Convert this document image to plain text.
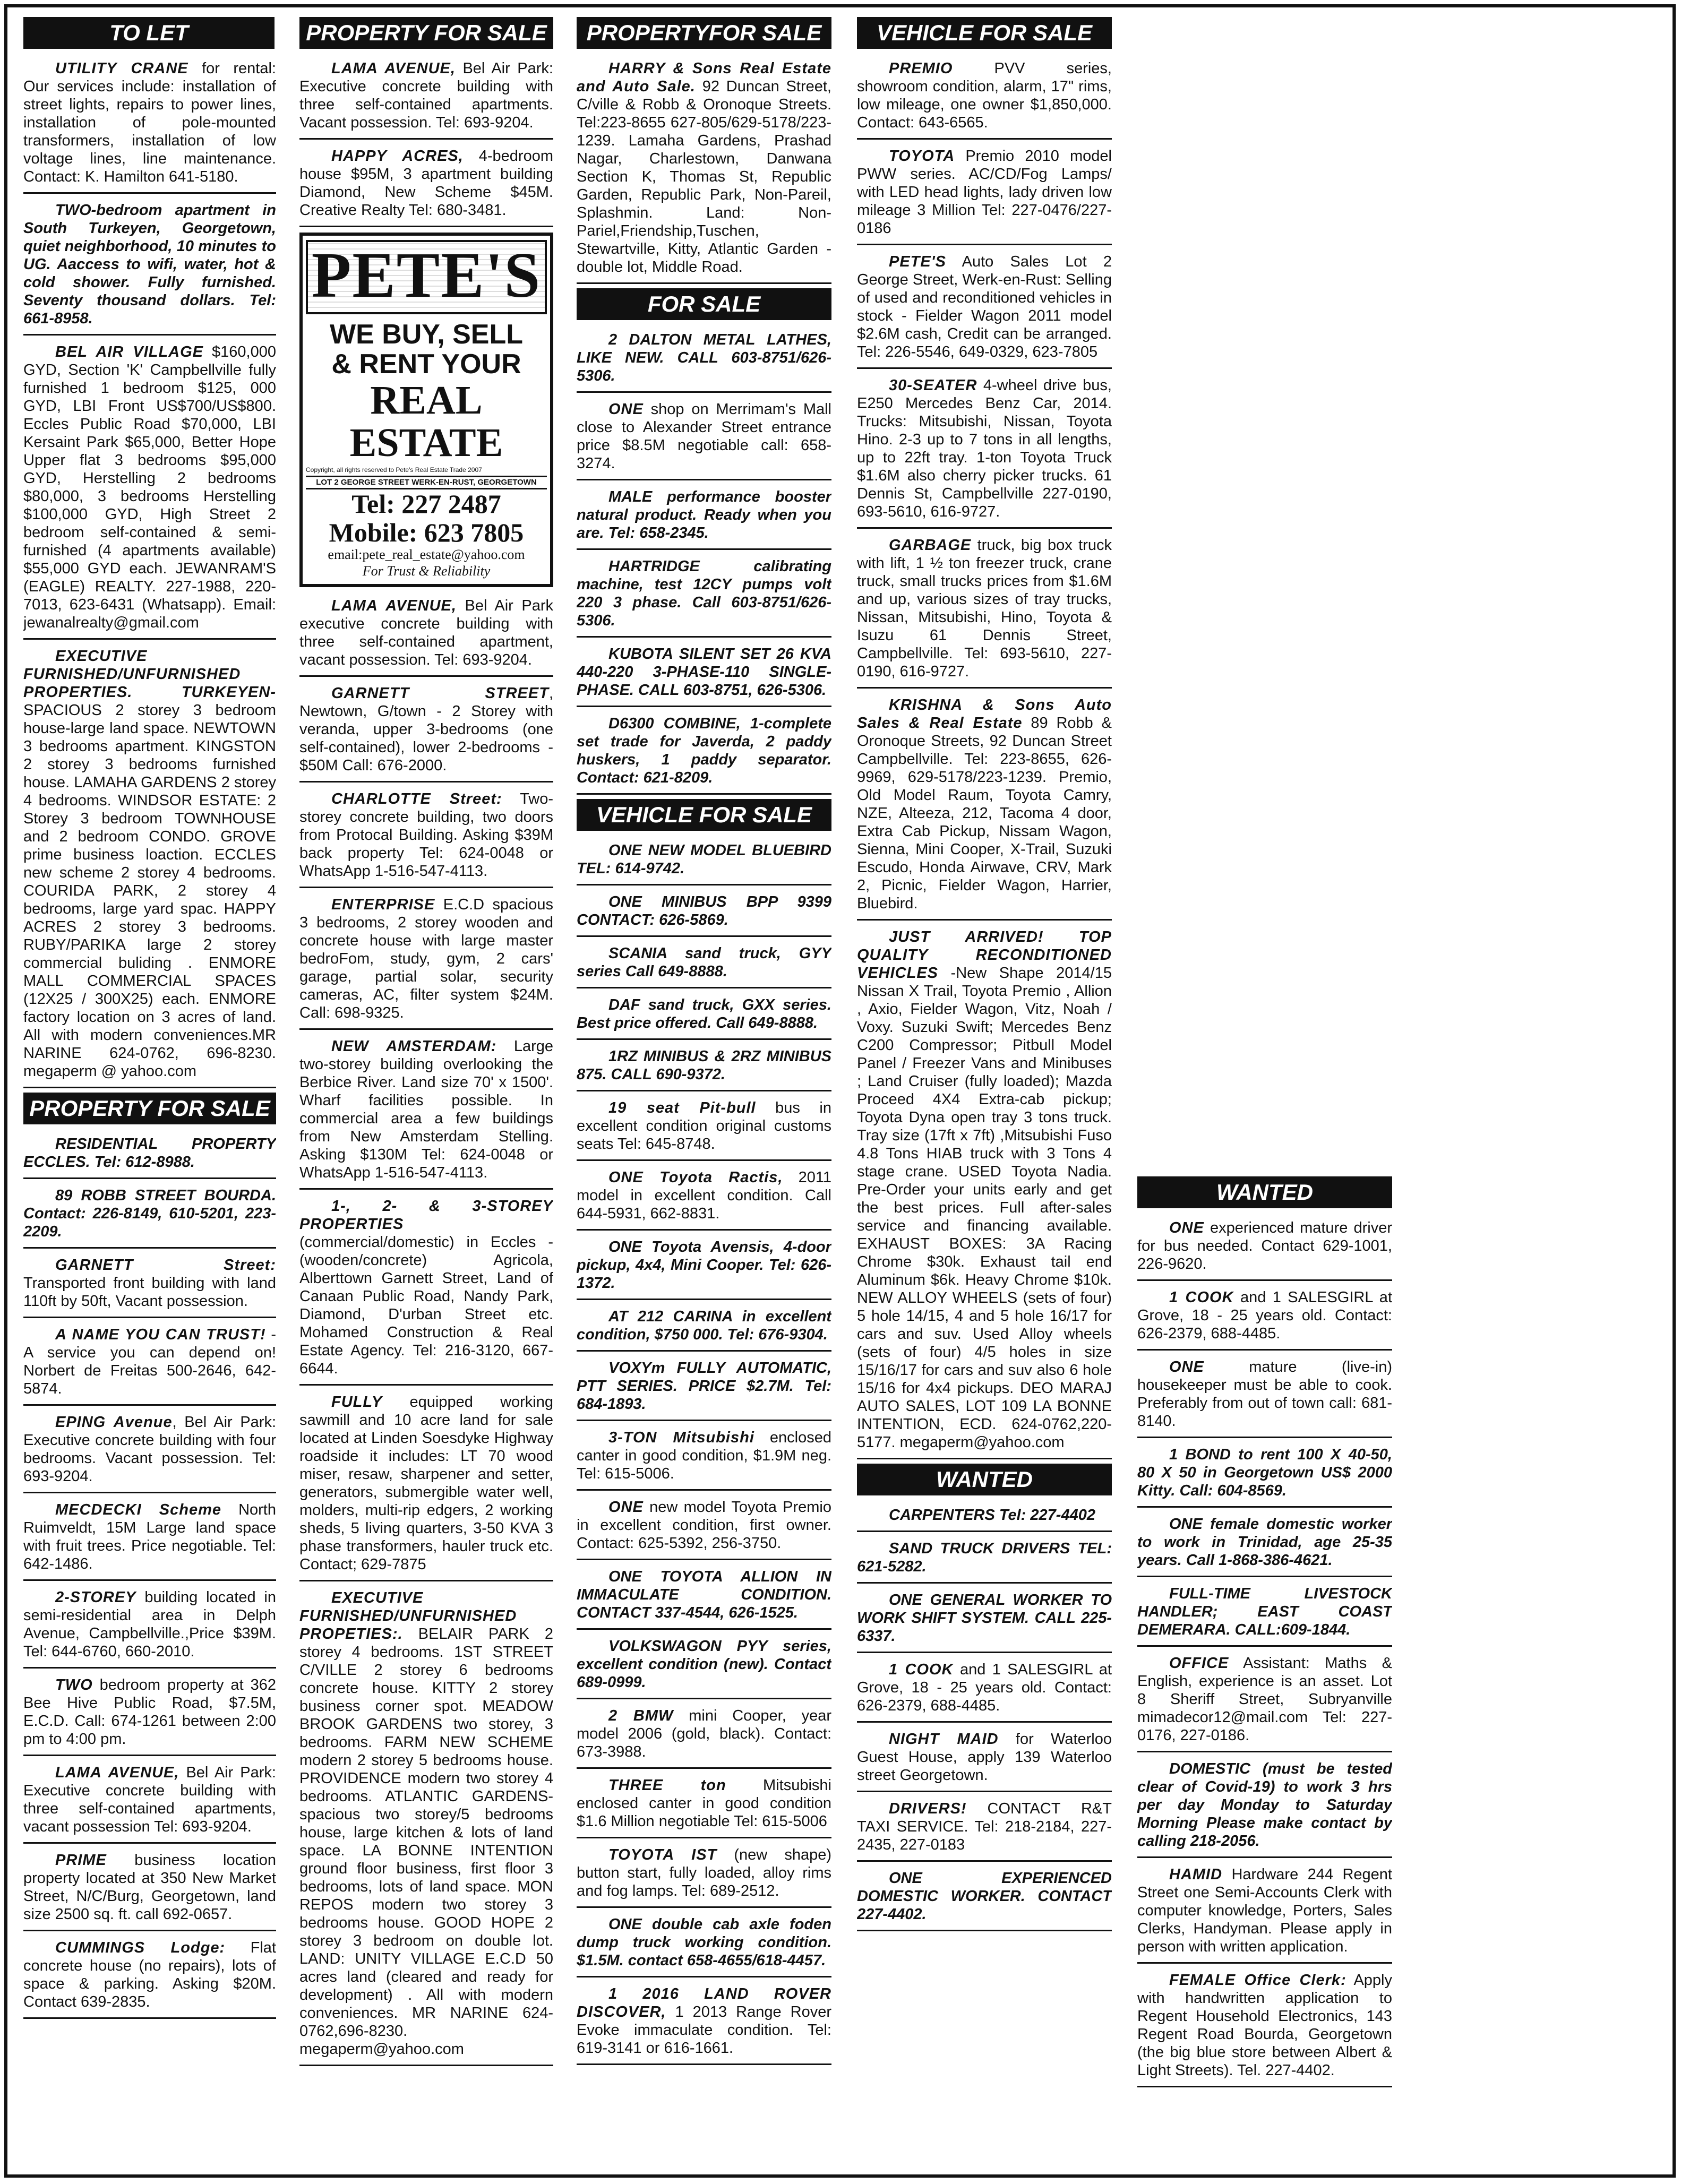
TO LET
UTILITY CRANE for rental: Our services include: installation of street lights, repairs to power lines, installation of pole-mounted transformers, installation of low voltage lines, line maintenance. Contact: K. Hamilton 641-5180.
TWO-bedroom apartment in South Turkeyen, Georgetown, quiet neighborhood, 10 minutes to UG. Aaccess to wifi, water, hot & cold shower. Fully furnished. Seventy thousand dollars. Tel: 661-8958.
BEL AIR VILLAGE $160,000 GYD, Section 'K' Campbellville fully furnished 1 bedroom $125, 000 GYD, LBI Front US$700/US$800. Eccles Public Road $70,000, LBI Kersaint Park $65,000, Better Hope Upper flat 3 bedrooms $95,000 GYD, Herstelling 2 bedrooms $80,000, 3 bedrooms Herstelling $100,000 GYD, High Street 2 bedroom self-contained & semi-furnished (4 apartments available) $55,000 GYD each. JEWANRAM'S (EAGLE) REALTY. 227-1988, 220-7013, 623-6431 (Whatsapp). Email: jewanalrealty@gmail.com
EXECUTIVE FURNISHED/UNFURNISHED PROPERTIES. TURKEYEN-SPACIOUS 2 storey 3 bedroom house-large land space. NEWTOWN 3 bedrooms apartment. KINGSTON 2 storey 3 bedrooms furnished house. LAMAHA GARDENS 2 storey 4 bedrooms. WINDSOR ESTATE: 2 Storey 3 bedroom TOWNHOUSE and 2 bedroom CONDO. GROVE prime business loaction. ECCLES new scheme 2 storey 4 bedrooms. COURIDA PARK, 2 storey 4 bedrooms, large yard spac. HAPPY ACRES 2 storey 3 bedrooms. RUBY/PARIKA large 2 storey commercial buliding . ENMORE MALL COMMERCIAL SPACES (12X25 / 300X25) each. ENMORE factory location on 3 acres of land. All with modern conveniences.MR NARINE 624-0762, 696-8230. megaperm @ yahoo.com
PROPERTY FOR SALE
RESIDENTIAL PROPERTY ECCLES. Tel: 612-8988.
89 ROBB STREET BOURDA. Contact: 226-8149, 610-5201, 223-2209.
GARNETT Street: Transported front building with land 110ft by 50ft, Vacant possession.
A NAME YOU CAN TRUST! - A service you can depend on! Norbert de Freitas 500-2646, 642-5874.
EPING Avenue, Bel Air Park: Executive concrete building with four bedrooms. Vacant possession. Tel: 693-9204.
MECDECKI Scheme North Ruimveldt, 15M Large land space with fruit trees. Price negotiable. Tel: 642-1486.
2-STOREY building located in semi-residential area in Delph Avenue, Campbellville.,Price $39M. Tel: 644-6760, 660-2010.
TWO bedroom property at 362 Bee Hive Public Road, $7.5M, E.C.D. Call: 674-1261 between 2:00 pm to 4:00 pm.
LAMA AVENUE, Bel Air Park: Executive concrete building with three self-contained apartments, vacant possession Tel: 693-9204.
PRIME business location property located at 350 New Market Street, N/C/Burg, Georgetown, land size 2500 sq. ft. call 692-0657.
CUMMINGS Lodge: Flat concrete house (no repairs), lots of space & parking. Asking $20M. Contact 639-2835.
PROPERTY FOR SALE
LAMA AVENUE, Bel Air Park: Executive concrete building with three self-contained apartments. Vacant possession. Tel: 693-9204.
HAPPY ACRES, 4-bedroom house $95M, 3 apartment building Diamond, New Scheme $45M. Creative Realty Tel: 680-3481.
PETE'S
WE BUY, SELL
& RENT YOUR
REAL ESTATE
Copyright, all rights reserved to Pete's Real Estate Trade 2007
LOT 2 GEORGE STREET WERK-EN-RUST, GEORGETOWN
Tel: 227 2487
Mobile: 623 7805
email:pete_real_estate@yahoo.com
For Trust & Reliability
LAMA AVENUE, Bel Air Park executive concrete building with three self-contained apartment, vacant possession. Tel: 693-9204.
GARNETT STREET, Newtown, G/town - 2 Storey with veranda, upper 3-bedrooms (one self-contained), lower 2-bedrooms - $50M Call: 676-2000.
CHARLOTTE Street: Two-storey concrete building, two doors from Protocal Building. Asking $39M back property Tel: 624-0048 or WhatsApp 1-516-547-4113.
ENTERPRISE E.C.D spacious 3 bedrooms, 2 storey wooden and concrete house with large master bedroFom, study, gym, 2 cars' garage, partial solar, security cameras, AC, filter system $24M. Call: 698-9325.
NEW AMSTERDAM: Large two-storey building overlooking the Berbice River. Land size 70' x 1500'. Wharf facilities possible. In commercial area a few buildings from New Amsterdam Stelling. Asking $130M Tel: 624-0048 or WhatsApp 1-516-547-4113.
1-, 2- & 3-STOREY PROPERTIES (commercial/domestic) in Eccles - (wooden/concrete) Agricola, Alberttown Garnett Street, Land of Canaan Public Road, Nandy Park, Diamond, D'urban Street etc. Mohamed Construction & Real Estate Agency. Tel: 216-3120, 667-6644.
FULLY equipped working sawmill and 10 acre land for sale located at Linden Soesdyke Highway roadside it includes: LT 70 wood miser, resaw, sharpener and setter, generators, submergible water well, molders, multi-rip edgers, 2 working sheds, 5 living quarters, 3-50 KVA 3 phase transformers, hauler truck etc. Contact; 629-7875
EXECUTIVE FURNISHED/UNFURNISHED PROPETIES:. BELAIR PARK 2 storey 4 bedrooms. 1ST STREET C/VILLE 2 storey 6 bedrooms concrete house. KITTY 2 storey business corner spot. MEADOW BROOK GARDENS two storey, 3 bedrooms. FARM NEW SCHEME modern 2 storey 5 bedrooms house. PROVIDENCE modern two storey 4 bedrooms. ATLANTIC GARDENS-spacious two storey/5 bedrooms house, large kitchen & lots of land space. LA BONNE INTENTION ground floor business, first floor 3 bedrooms, lots of land space. MON REPOS modern two storey 3 bedrooms house. GOOD HOPE 2 storey 3 bedroom on double lot. LAND: UNITY VILLAGE E.C.D 50 acres land (cleared and ready for development) . All with modern conveniences. MR NARINE 624-0762,696-8230. megaperm@yahoo.com
PROPERTYFOR SALE
HARRY & Sons Real Estate and Auto Sale. 92 Duncan Street, C/ville & Robb & Oronoque Streets. Tel:223-8655 627-805/629-5178/223-1239. Lamaha Gardens, Prashad Nagar, Charlestown, Danwana Section K, Thomas St, Republic Garden, Republic Park, Non-Pareil, Splashmin. Land: Non-Pariel,Friendship,Tuschen, Stewartville, Kitty, Atlantic Garden - double lot, Middle Road.
FOR SALE
2 DALTON METAL LATHES, LIKE NEW. CALL 603-8751/626-5306.
ONE shop on Merrimam's Mall close to Alexander Street entrance price $8.5M negotiable call: 658-3274.
MALE performance booster natural product. Ready when you are. Tel: 658-2345.
HARTRIDGE calibrating machine, test 12CY pumps volt 220 3 phase. Call 603-8751/626-5306.
KUBOTA SILENT SET 26 KVA 440-220 3-PHASE-110 SINGLE-PHASE. CALL 603-8751, 626-5306.
D6300 COMBINE, 1-complete set trade for Javerda, 2 paddy huskers, 1 paddy separator. Contact: 621-8209.
VEHICLE FOR SALE
ONE NEW MODEL BLUEBIRD TEL: 614-9742.
ONE MINIBUS BPP 9399 CONTACT: 626-5869.
SCANIA sand truck, GYY series Call 649-8888.
DAF sand truck, GXX series. Best price offered. Call 649-8888.
1RZ MINIBUS & 2RZ MINIBUS 875. CALL 690-9372.
19 seat Pit-bull bus in excellent condition original customs seats Tel: 645-8748.
ONE Toyota Ractis, 2011 model in excellent condition. Call 644-5931, 662-8831.
ONE Toyota Avensis, 4-door pickup, 4x4, Mini Cooper. Tel: 626-1372.
AT 212 CARINA in excellent condition, $750 000. Tel: 676-9304.
VOXYm FULLY AUTOMATIC, PTT SERIES. PRICE $2.7M. Tel: 684-1893.
3-TON Mitsubishi enclosed canter in good condition, $1.9M neg. Tel: 615-5006.
ONE new model Toyota Premio in excellent condition, first owner. Contact: 625-5392, 256-3750.
ONE TOYOTA ALLION IN IMMACULATE CONDITION. CONTACT 337-4544, 626-1525.
VOLKSWAGON PYY series, excellent condition (new). Contact 689-0999.
2 BMW mini Cooper, year model 2006 (gold, black). Contact: 673-3988.
THREE ton Mitsubishi enclosed canter in good condition $1.6 Million negotiable Tel: 615-5006
TOYOTA IST (new shape) button start, fully loaded, alloy rims and fog lamps. Tel: 689-2512.
ONE double cab axle foden dump truck working condition. $1.5M. contact 658-4655/618-4457.
1 2016 LAND ROVER DISCOVER, 1 2013 Range Rover Evoke immaculate condition. Tel: 619-3141 or 616-1661.
VEHICLE FOR SALE
PREMIO PVV series, showroom condition, alarm, 17" rims, low mileage, one owner $1,850,000. Contact: 643-6565.
TOYOTA Premio 2010 model PWW series. AC/CD/Fog Lamps/ with LED head lights, lady driven low mileage 3 Million Tel: 227-0476/227-0186
PETE'S Auto Sales Lot 2 George Street, Werk-en-Rust: Selling of used and reconditioned vehicles in stock - Fielder Wagon 2011 model $2.6M cash, Credit can be arranged. Tel: 226-5546, 649-0329, 623-7805
30-SEATER 4-wheel drive bus, E250 Mercedes Benz Car, 2014. Trucks: Mitsubishi, Nissan, Toyota Hino. 2-3 up to 7 tons in all lengths, up to 22ft tray. 1-ton Toyota Truck $1.6M also cherry picker trucks. 61 Dennis St, Campbellville 227-0190, 693-5610, 616-9727.
GARBAGE truck, big box truck with lift, 1 ½ ton freezer truck, crane truck, small trucks prices from $1.6M and up, various sizes of tray trucks, Nissan, Mitsubishi, Hino, Toyota & Isuzu 61 Dennis Street, Campbellville. Tel: 693-5610, 227-0190, 616-9727.
KRISHNA & Sons Auto Sales & Real Estate 89 Robb & Oronoque Streets, 92 Duncan Street Campbellville. Tel: 223-8655, 626-9969, 629-5178/223-1239. Premio, Old Model Raum, Toyota Camry, NZE, Alteeza, 212, Tacoma 4 door, Extra Cab Pickup, Nissam Wagon, Sienna, Mini Cooper, X-Trail, Suzuki Escudo, Honda Airwave, CRV, Mark 2, Picnic, Fielder Wagon, Harrier, Bluebird.
JUST ARRIVED! TOP QUALITY RECONDITIONED VEHICLES -New Shape 2014/15 Nissan X Trail, Toyota Premio , Allion , Axio, Fielder Wagon, Vitz, Noah / Voxy. Suzuki Swift; Mercedes Benz C200 Compressor; Pitbull Model Panel / Freezer Vans and Minibuses ; Land Cruiser (fully loaded); Mazda Proceed 4X4 Extra-cab pickup; Toyota Dyna open tray 3 tons truck. Tray size (17ft x 7ft) ,Mitsubishi Fuso 4.8 Tons HIAB truck with 3 Tons 4 stage crane. USED Toyota Nadia. Pre-Order your units early and get the best prices. Full after-sales service and financing available. EXHAUST BOXES: 3A Racing Chrome $30k. Exhaust tail end Aluminum $6k. Heavy Chrome $10k. NEW ALLOY WHEELS (sets of four) 5 hole 14/15, 4 and 5 hole 16/17 for cars and suv. Used Alloy wheels (sets of four) 4/5 holes in size 15/16/17 for cars and suv also 6 hole 15/16 for 4x4 pickups. DEO MARAJ AUTO SALES, LOT 109 LA BONNE INTENTION, ECD. 624-0762,220-5177. megaperm@yahoo.com
WANTED
CARPENTERS Tel: 227-4402
SAND TRUCK DRIVERS TEL: 621-5282.
ONE GENERAL WORKER TO WORK SHIFT SYSTEM. CALL 225-6337.
1 COOK and 1 SALESGIRL at Grove, 18 - 25 years old. Contact: 626-2379, 688-4485.
NIGHT MAID for Waterloo Guest House, apply 139 Waterloo street Georgetown.
DRIVERS! CONTACT R&T TAXI SERVICE. Tel: 218-2184, 227-2435, 227-0183
ONE EXPERIENCED DOMESTIC WORKER. CONTACT 227-4402.
WANTED
ONE experienced mature driver for bus needed. Contact 629-1001, 226-9620.
1 COOK and 1 SALESGIRL at Grove, 18 - 25 years old. Contact: 626-2379, 688-4485.
ONE mature (live-in) housekeeper must be able to cook. Preferably from out of town call: 681-8140.
1 BOND to rent 100 X 40-50, 80 X 50 in Georgetown US$ 2000 Kitty. Call: 604-8569.
ONE female domestic worker to work in Trinidad, age 25-35 years. Call 1-868-386-4621.
FULL-TIME LIVESTOCK HANDLER; EAST COAST DEMERARA. CALL:609-1844.
OFFICE Assistant: Maths & English, experience is an asset. Lot 8 Sheriff Street, Subryanville mimadecor12@mail.com Tel: 227-0176, 227-0186.
DOMESTIC (must be tested clear of Covid-19) to work 3 hrs per day Monday to Saturday Morning Please make contact by calling 218-2056.
HAMID Hardware 244 Regent Street one Semi-Accounts Clerk with computer knowledge, Porters, Sales Clerks, Handyman. Please apply in person with written application.
FEMALE Office Clerk: Apply with handwritten application to Regent Household Electronics, 143 Regent Road Bourda, Georgetown (the big blue store between Albert & Light Streets). Tel. 227-4402.
